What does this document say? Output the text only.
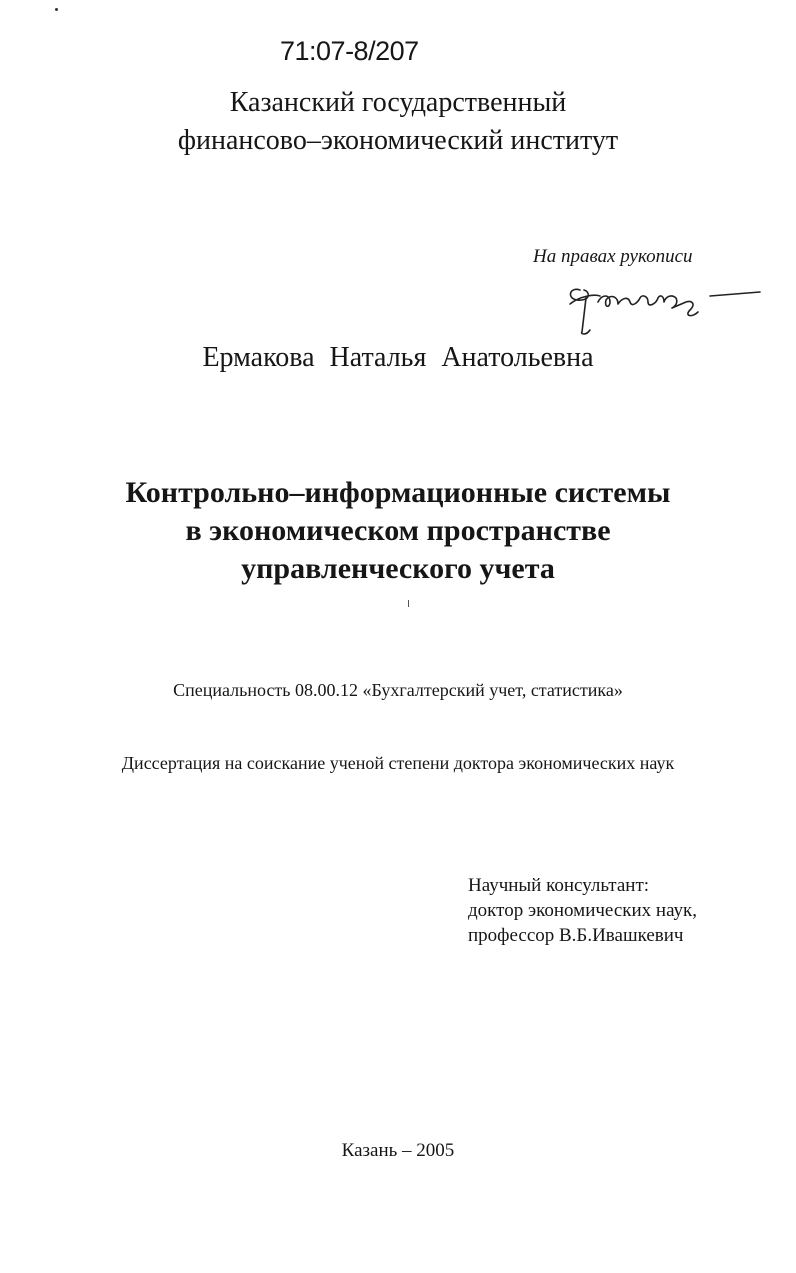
71:07-8/207
Казанский государственный
финансово–экономический институт
На правах рукописи
Ермакова Наталья Анатольевна
Контрольно–информационные системы
в экономическом пространстве
управленческого учета
Специальность 08.00.12 «Бухгалтерский учет, статистика»
Диссертация на соискание ученой степени доктора экономических наук
Научный консультант:
доктор экономических наук,
профессор В.Б.Ивашкевич
Казань – 2005
